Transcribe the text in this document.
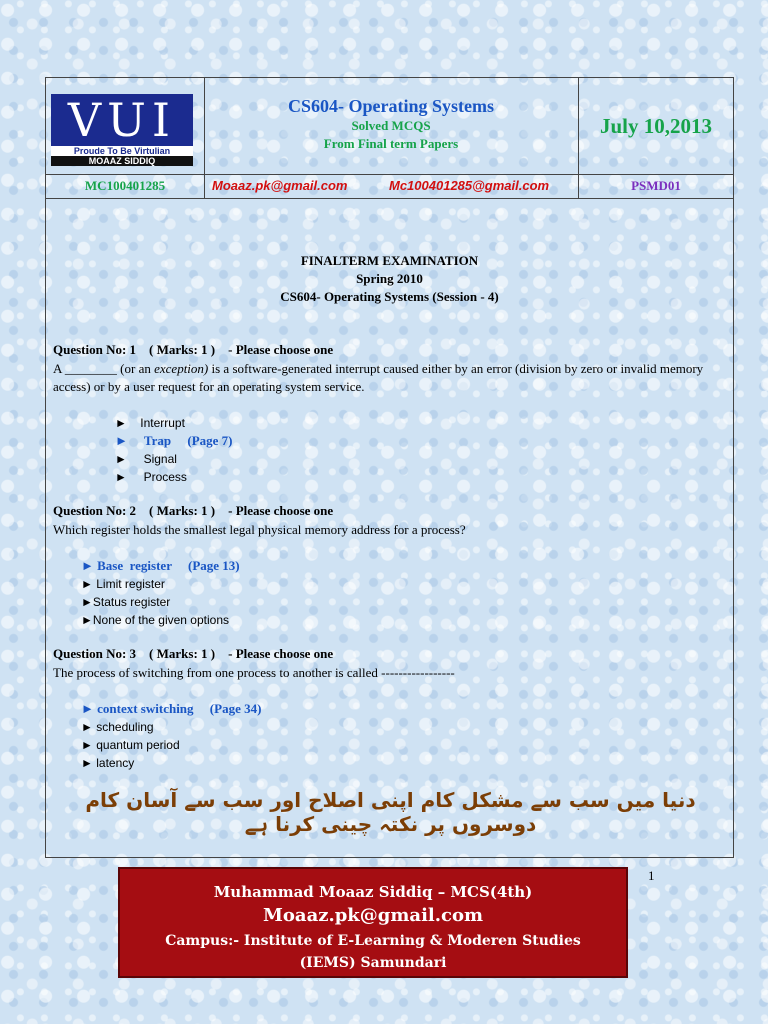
VUI
Proude To Be Virtulian
MOAAZ SIDDIQ
CS604- Operating Systems
Solved MCQS
From Final term Papers
July 10,2013
MC100401285	Moaaz.pk@gmail.com	Mc100401285@gmail.com	PSMD01
FINALTERM EXAMINATION
Spring 2010
CS604- Operating Systems (Session - 4)
Question No: 1    ( Marks: 1 )    - Please choose one
A ________ (or an exception) is a software-generated interrupt caused either by an error (division by zero or invalid memory access) or by a user request for an operating system service.
► Interrupt
► Trap (Page 7)
► Signal
► Process
Question No: 2    ( Marks: 1 )    - Please choose one
Which register holds the smallest legal physical memory address for a process?
► Base  register (Page 13)
► Limit register
►Status register
►None of the given options
Question No: 3    ( Marks: 1 )    - Please choose one
The process of switching from one process to another is called -----------------
► context switching (Page 34)
► scheduling
► quantum period
► latency
دنیا میں سب سے مشکل کام اپنی اصلاح اور سب سے آسان کام دوسروں پر نکتہ چینی کرنا ہے
1
Muhammad Moaaz Siddiq – MCS(4th)
Moaaz.pk@gmail.com
Campus:- Institute of E-Learning & Moderen Studies
(IEMS) Samundari
